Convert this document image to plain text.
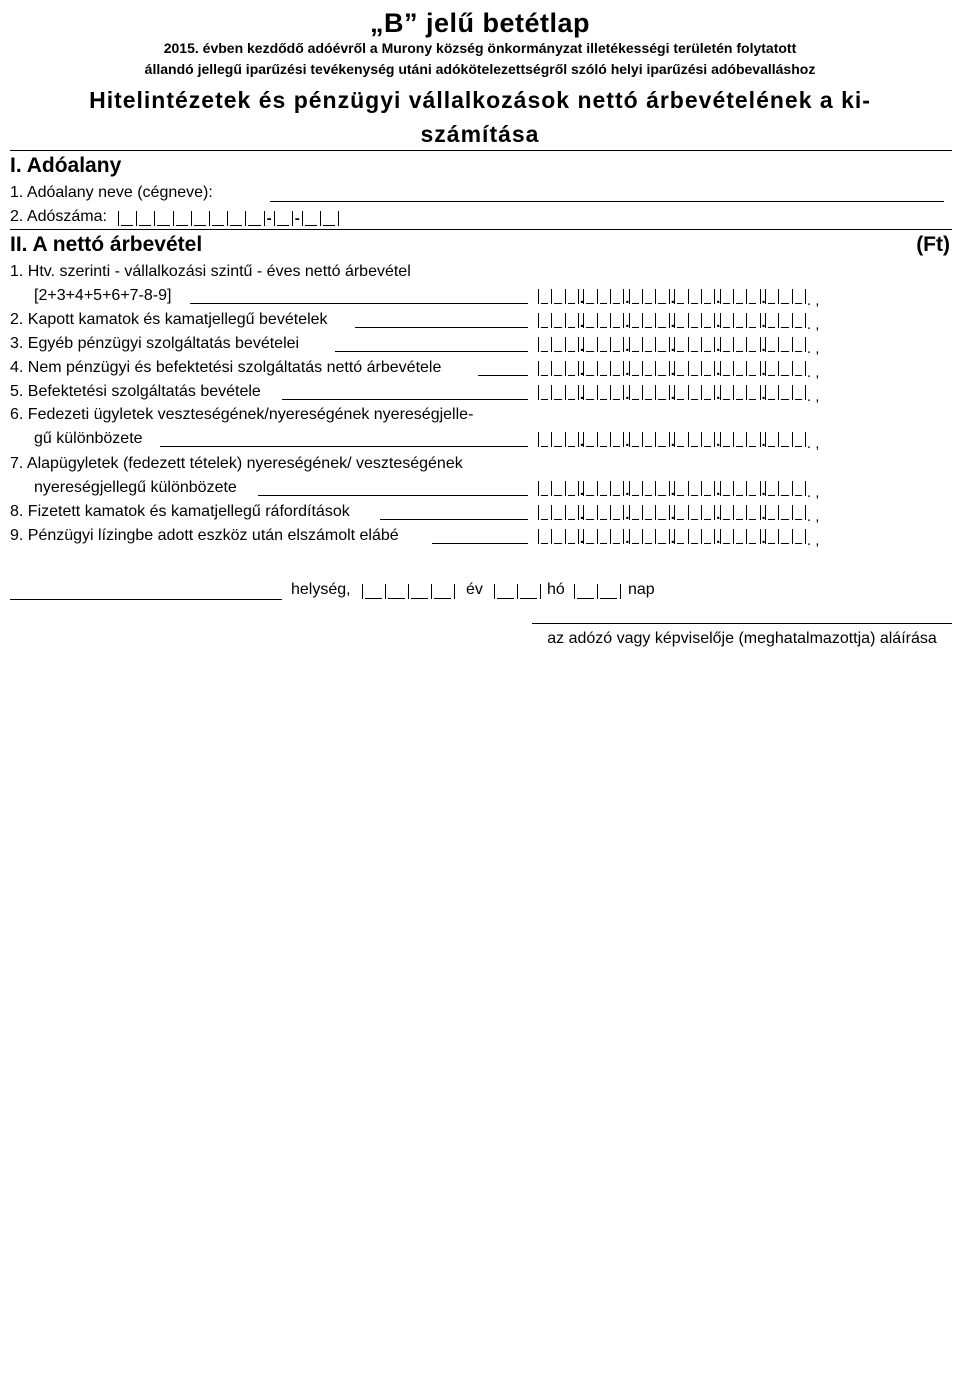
„B” jelű betétlap
2015. évben kezdődő adóévről a Murony község önkormányzat illetékességi területén folytatott
állandó jellegű iparűzési tevékenység utáni adókötelezettségről szóló helyi iparűzési adóbevalláshoz
Hitelintézetek és pénzügyi vállalkozások nettó árbevételének a ki-
számítása
I. Adóalany
1. Adóalany neve (cégneve):
2. Adószáma:	- -
II. A nettó árbevétel	(Ft)
1. Htv. szerinti - vállalkozási szintű - éves nettó árbevétel
[2+3+4+5+6+7-8-9]	.	.	.	.	.	. ,
2. Kapott kamatok és kamatjellegű bevételek	.	.	.	.	.	. ,
3. Egyéb pénzügyi szolgáltatás bevételei	.	.	.	.	.	. ,
4. Nem pénzügyi és befektetési szolgáltatás nettó árbevétele	.	.	.	.	.	. ,
5. Befektetési szolgáltatás bevétele	.	.	.	.	.	. ,
6. Fedezeti ügyletek veszteségének/nyereségének nyereségjelle-
gű különbözete	.	.	.	.	.	. ,
7. Alapügyletek (fedezett tételek) nyereségének/ veszteségének
nyereségjellegű különbözete	.	.	.	.	.	. ,
8. Fizetett kamatok és kamatjellegű ráfordítások	.	.	.	.	.	. ,
9. Pénzügyi lízingbe adott eszköz után elszámolt elábé	.	.	.	.	.	. ,
helység,	év	hó	nap
az adózó vagy képviselője (meghatalmazottja) aláírása
